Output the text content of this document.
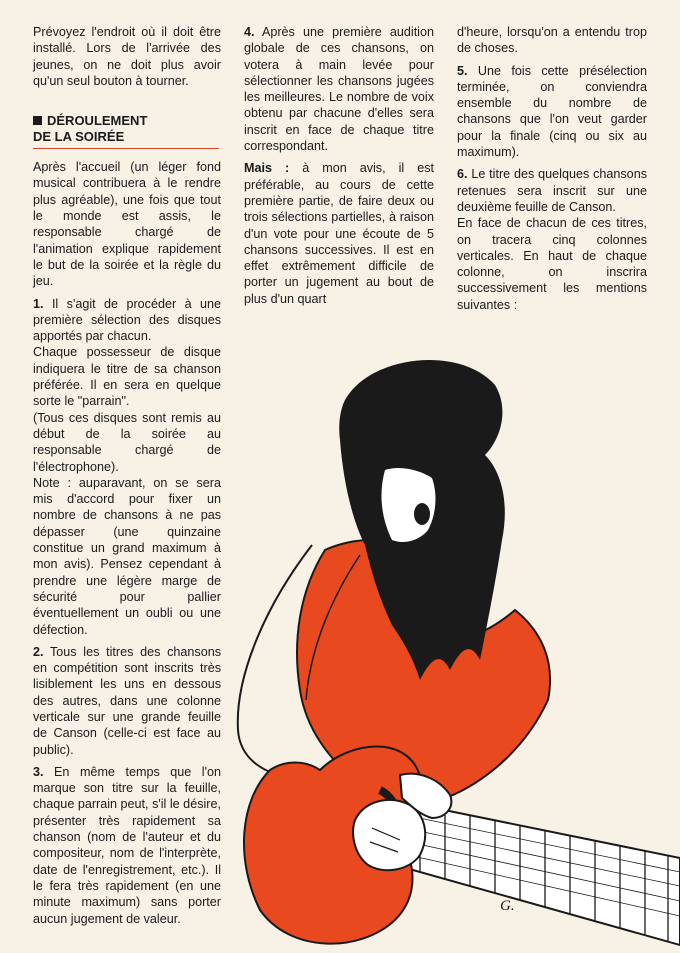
Prévoyez l'endroit où il doit être installé. Lors de l'arrivée des jeunes, on ne doit plus avoir qu'un seul bouton à tourner.

DÉROULEMENT
DE LA SOIRÉE

Après l'accueil (un léger fond musical contribuera à le rendre plus agréable), une fois que tout le monde est assis, le responsable chargé de l'animation explique rapidement le but de la soirée et la règle du jeu.

1. Il s'agit de procéder à une première sélection des disques apportés par chacun.

Chaque possesseur de disque indiquera le titre de sa chanson préférée. Il en sera en quelque sorte le "parrain".

(Tous ces disques sont remis au début de la soirée au responsable chargé de l'électrophone).

Note : auparavant, on se sera mis d'accord pour fixer un nombre de chansons à ne pas dépasser (une quinzaine constitue un grand maximum à mon avis). Pensez cependant à prendre une légère marge de sécurité pour pallier éventuellement un oubli ou une défection.

2. Tous les titres des chansons en compétition sont inscrits très lisiblement les uns en dessous des autres, dans une colonne verticale sur une grande feuille de Canson (celle-ci est face au public).

3. En même temps que l'on marque son titre sur la feuille, chaque parrain peut, s'il le désire, présenter très rapidement sa chanson (nom de l'auteur et du compositeur, nom de l'interprète, date de l'enregistrement, etc.). Il le fera très rapidement (en une minute maximum) sans porter aucun jugement de valeur.

4. Après une première audition globale de ces chansons, on votera à main levée pour sélectionner les chansons jugées les meilleures. Le nombre de voix obtenu par chacune d'elles sera inscrit en face de chaque titre correspondant.

Mais : à mon avis, il est préférable, au cours de cette première partie, de faire deux ou trois sélections partielles, à raison d'un vote pour une écoute de 5 chansons successives. Il est en effet extrêmement difficile de porter un jugement au bout de plus d'un quart

d'heure, lorsqu'on a entendu trop de choses.

5. Une fois cette présélection terminée, on conviendra ensemble du nombre de chansons que l'on veut garder pour la finale (cinq ou six au maximum).

6. Le titre des quelques chansons retenues sera inscrit sur une deuxième feuille de Canson.

En face de chacun de ces titres, on tracera cinq colonnes verticales. En haut de chaque colonne, on inscrira successivement les mentions suivantes :

G.
